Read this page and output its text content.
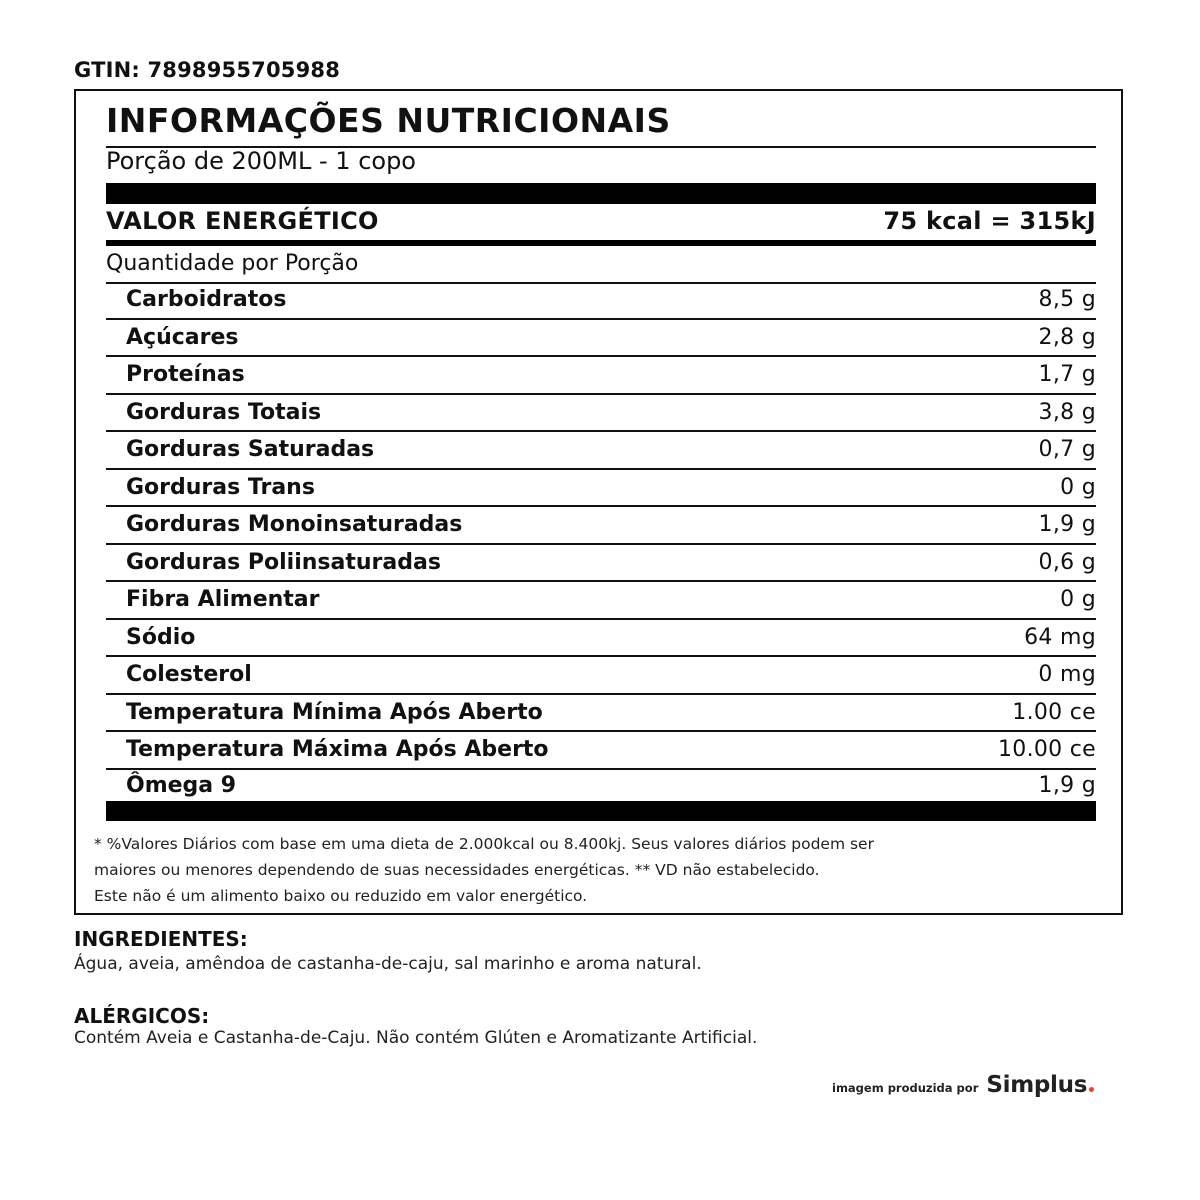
GTIN: 7898955705988
INFORMAÇÕES NUTRICIONAIS
Porção de 200ML - 1 copo
VALOR ENERGÉTICO	75 kcal = 315kJ
Quantidade por Porção
Carboidratos	8,5 g
Açúcares	2,8 g
Proteínas	1,7 g
Gorduras Totais	3,8 g
Gorduras Saturadas	0,7 g
Gorduras Trans	0 g
Gorduras Monoinsaturadas	1,9 g
Gorduras Poliinsaturadas	0,6 g
Fibra Alimentar	0 g
Sódio	64 mg
Colesterol	0 mg
Temperatura Mínima Após Aberto	1.00 ce
Temperatura Máxima Após Aberto	10.00 ce
Ômega 9	1,9 g
* %Valores Diários com base em uma dieta de 2.000kcal ou 8.400kj. Seus valores diários podem ser
maiores ou menores dependendo de suas necessidades energéticas. ** VD não estabelecido.
Este não é um alimento baixo ou reduzido em valor energético.
INGREDIENTES:
Água, aveia, amêndoa de castanha-de-caju, sal marinho e aroma natural.
ALÉRGICOS:
Contém Aveia e Castanha-de-Caju. Não contém Glúten e Aromatizante Artificial.
imagem produzida por Simplus
